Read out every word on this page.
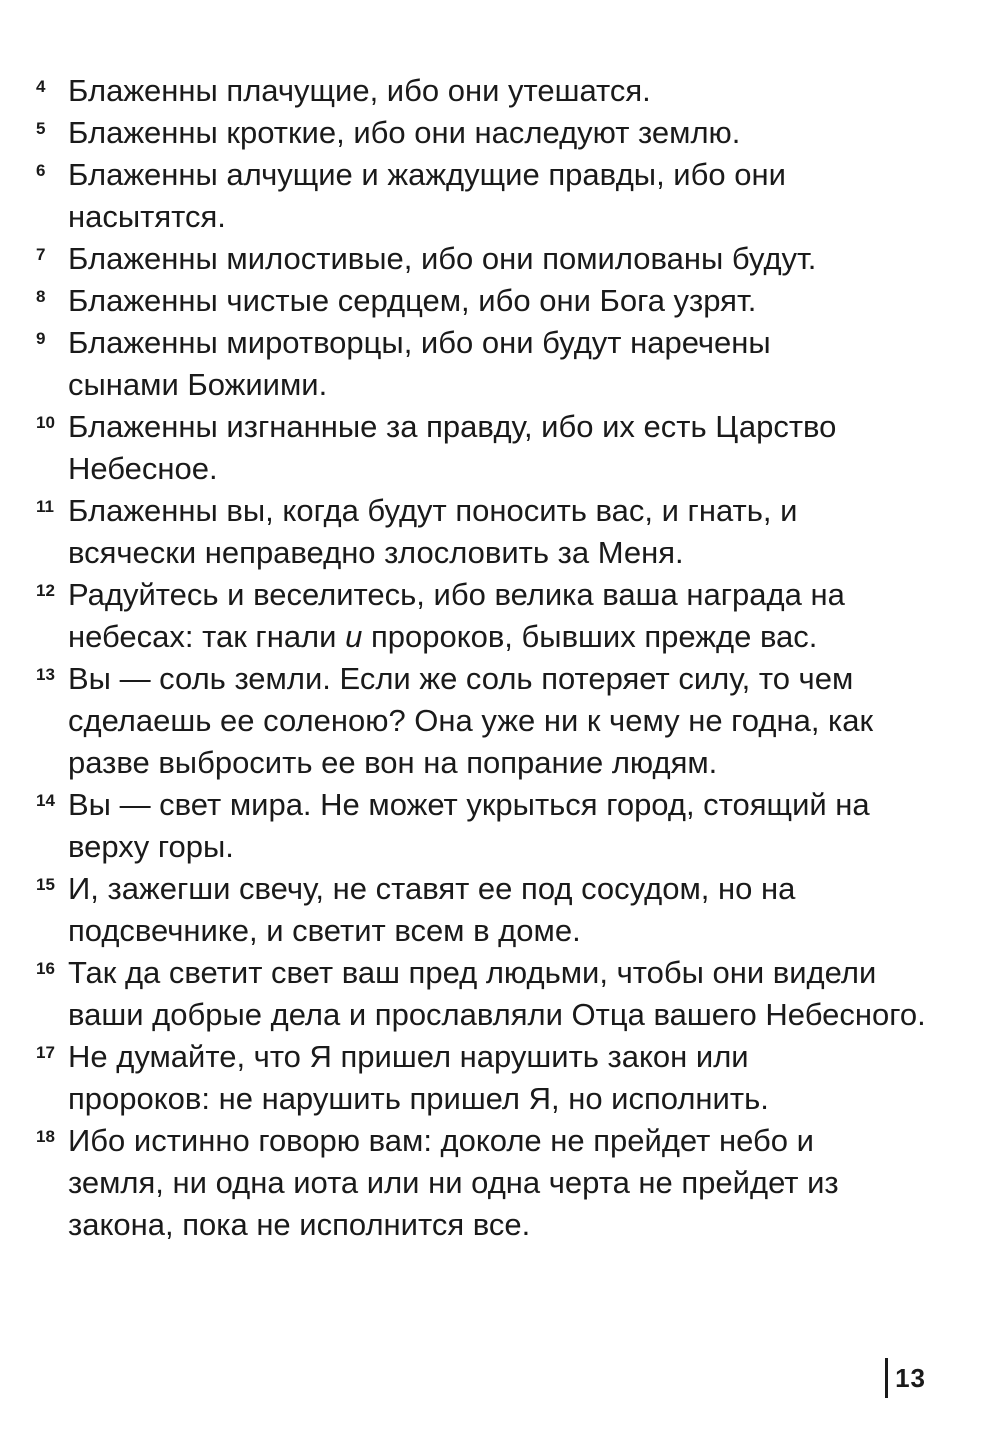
4 Блаженны плачущие, ибо они утешатся.

5 Блаженны кроткие, ибо они наследуют землю.

6 Блаженны алчущие и жаждущие правды, ибо они насытятся.

7 Блаженны милостивые, ибо они помилованы будут.

8 Блаженны чистые сердцем, ибо они Бога узрят.

9 Блаженны миротворцы, ибо они будут наречены сынами Божиими.

10 Блаженны изгнанные за правду, ибо их есть Царство Небесное.

11 Блаженны вы, когда будут поносить вас, и гнать, и всячески неправедно злословить за Меня.

12 Радуйтесь и веселитесь, ибо велика ваша награда на небесах: так гнали и пророков, бывших прежде вас.

13 Вы — соль земли. Если же соль потеряет силу, то чем сделаешь ее соленою? Она уже ни к чему не годна, как разве выбросить ее вон на попрание людям.

14 Вы — свет мира. Не может укрыться город, стоящий на верху горы.

15 И, зажегши свечу, не ставят ее под сосудом, но на подсвечнике, и светит всем в доме.

16 Так да светит свет ваш пред людьми, чтобы они видели ваши добрые дела и прославляли Отца вашего Небесного.

17 Не думайте, что Я пришел нарушить закон или пророков: не нарушить пришел Я, но исполнить.

18 Ибо истинно говорю вам: доколе не прейдет небо и земля, ни одна иота или ни одна черта не прейдет из закона, пока не исполнится все.

13
